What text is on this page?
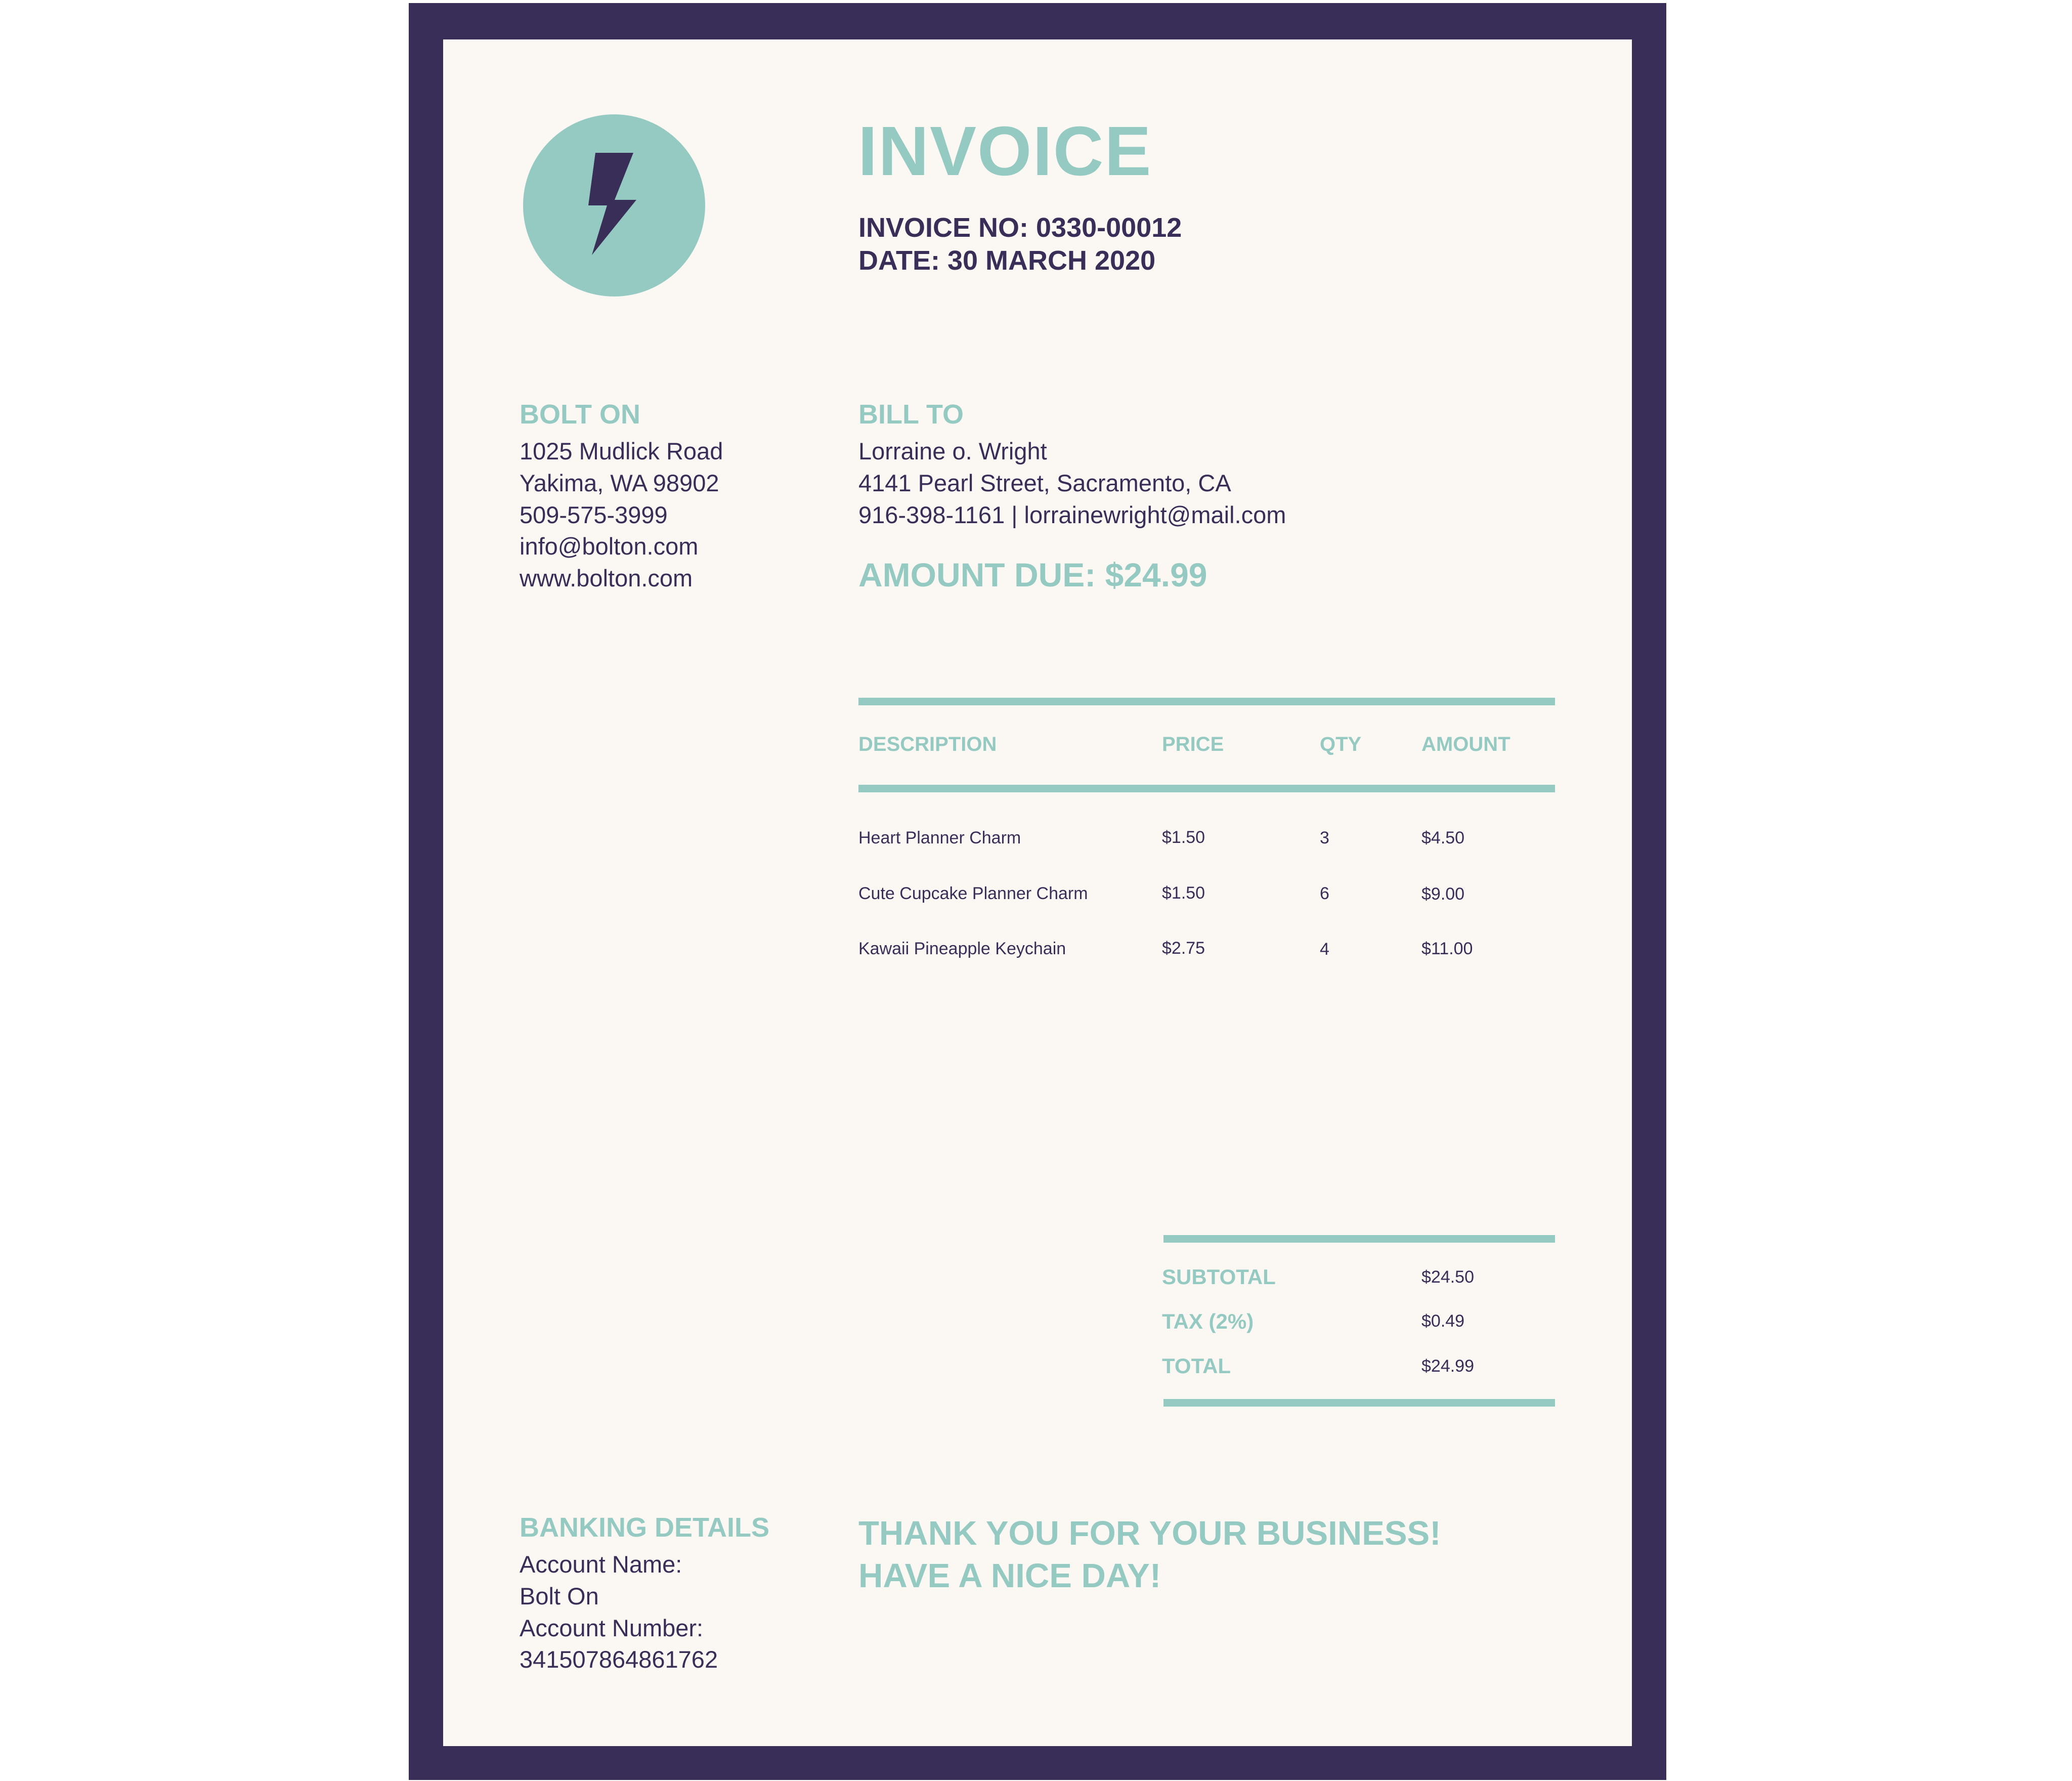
INVOICE
INVOICE NO: 0330-00012
DATE: 30 MARCH 2020
BOLT ON
1025 Mudlick Road
Yakima, WA 98902
509-575-3999
info@bolton.com
www.bolton.com
BILL TO
Lorraine o. Wright
4141 Pearl Street, Sacramento, CA
916-398-1161 | lorrainewright@mail.com
AMOUNT DUE: $24.99
DESCRIPTION	PRICE	QTY	AMOUNT
Heart Planner Charm	$1.50	3	$4.50
Cute Cupcake Planner Charm	$1.50	6	$9.00
Kawaii Pineapple Keychain	$2.75	4	$11.00
SUBTOTAL	$24.50
TAX (2%)	$0.49
TOTAL	$24.99
BANKING DETAILS
Account Name:
Bolt On
Account Number:
341507864861762
THANK YOU FOR YOUR BUSINESS!
HAVE A NICE DAY!
